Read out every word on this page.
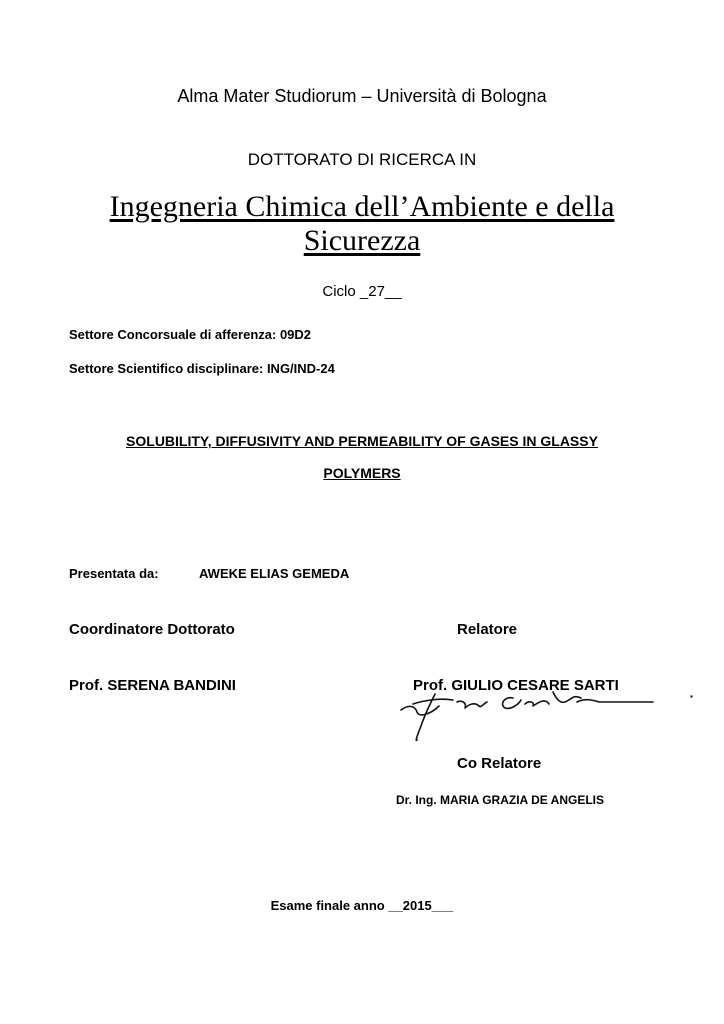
Alma Mater Studiorum – Università di Bologna
DOTTORATO DI RICERCA IN
Ingegneria Chimica dell’Ambiente e della
Sicurezza
Ciclo _27__
Settore Concorsuale di afferenza: 09D2
Settore Scientifico disciplinare: ING/IND-24
SOLUBILITY, DIFFUSIVITY AND PERMEABILITY OF GASES IN GLASSY
POLYMERS
Presentata da:	AWEKE ELIAS GEMEDA
Coordinatore Dottorato	Relatore
Prof. SERENA BANDINI	Prof. GIULIO CESARE SARTI
Co Relatore
Dr. Ing. MARIA GRAZIA DE ANGELIS
Esame finale anno __2015___
